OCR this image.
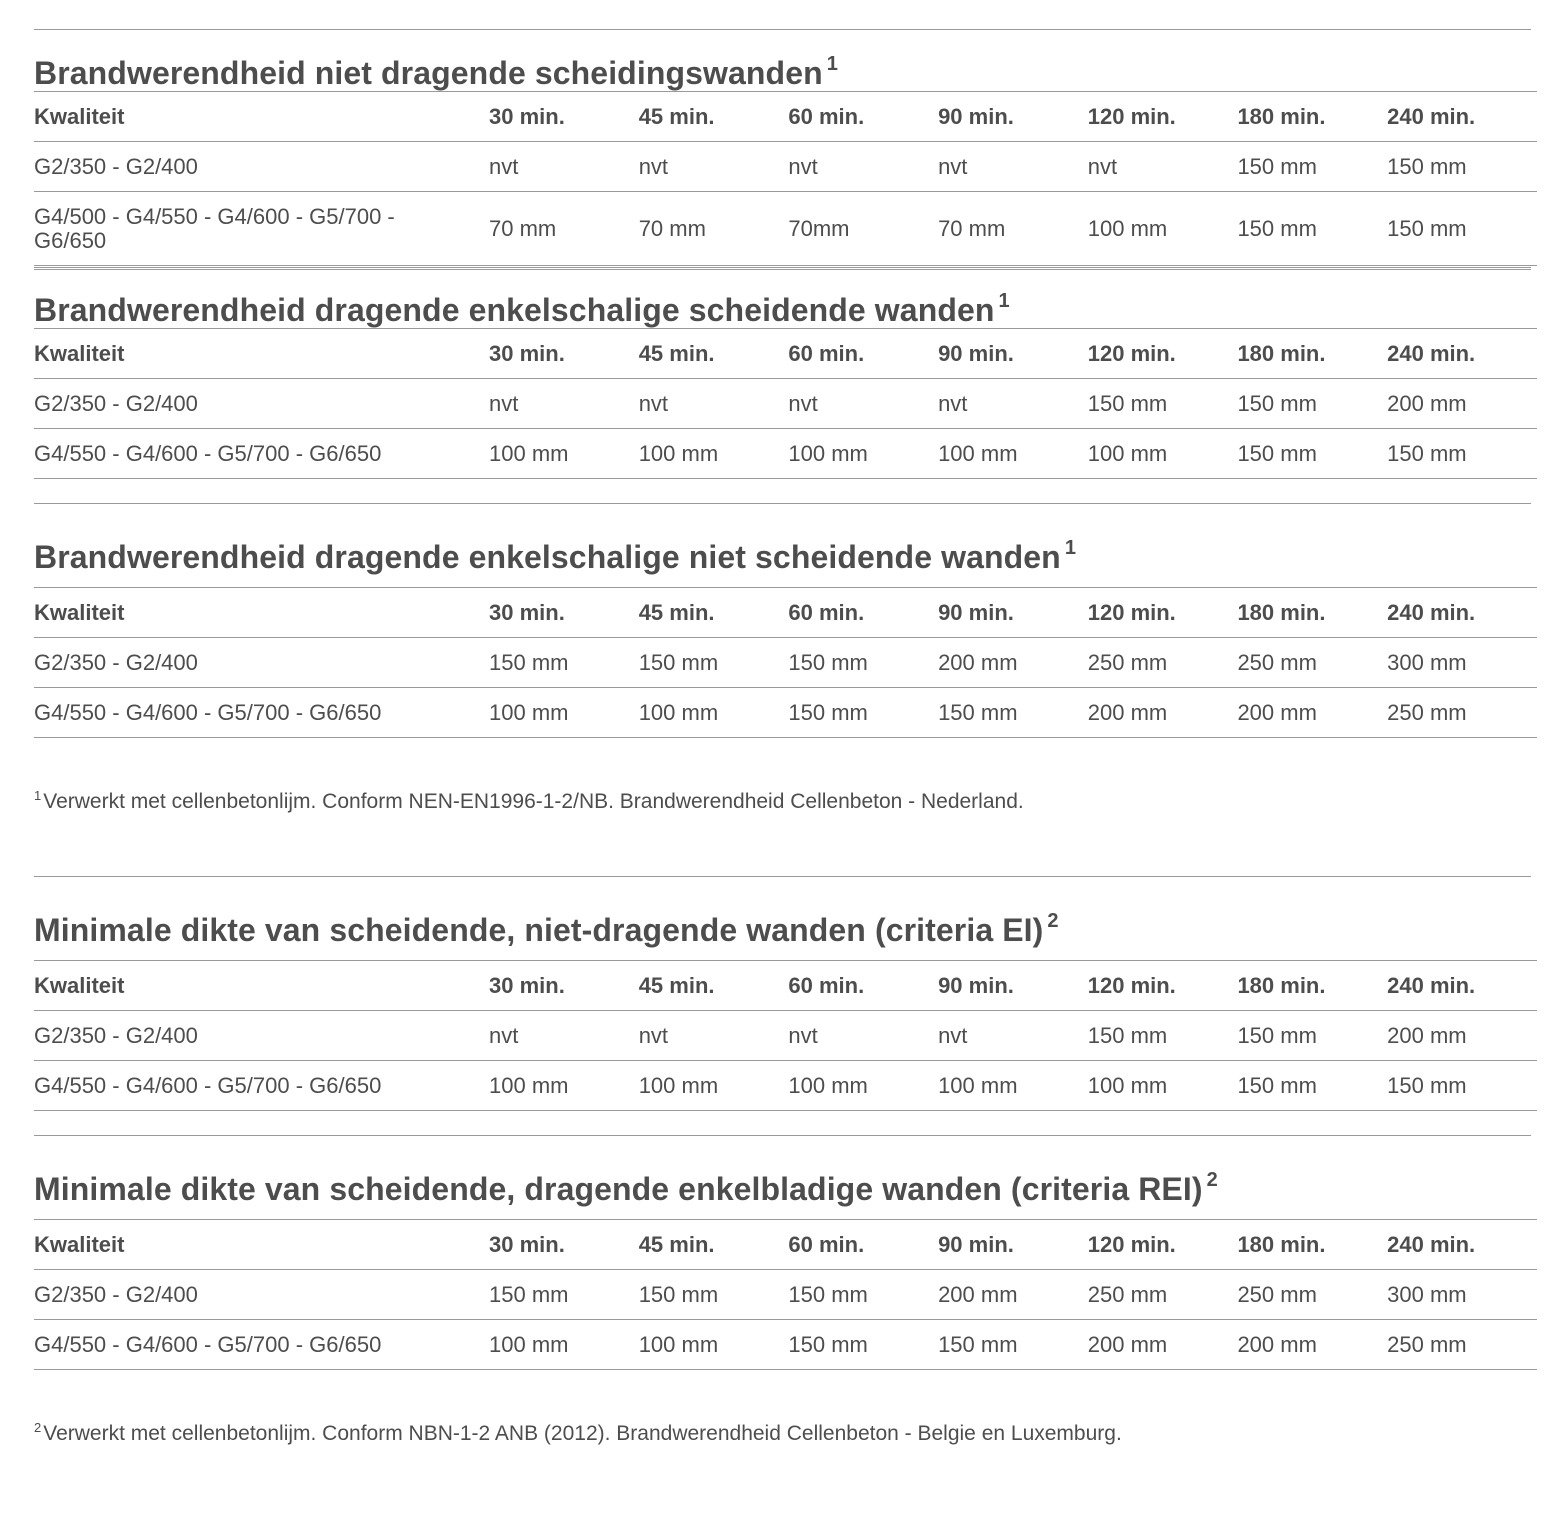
Brandwerendheid niet dragende scheidingswanden $^1$
Kwaliteit	30 min.	45 min.	60 min.	90 min.	120 min.	180 min.	240 min.
G2/350 - G2/400	nvt	nvt	nvt	nvt	nvt	150 mm	150 mm
G4/500 - G4/550 - G4/600 - G5/700 - G6/650	70 mm	70 mm	70mm	70 mm	100 mm	150 mm	150 mm
Brandwerendheid dragende enkelschalige scheidende wanden $^1$
Kwaliteit	30 min.	45 min.	60 min.	90 min.	120 min.	180 min.	240 min.
G2/350 - G2/400	nvt	nvt	nvt	nvt	150 mm	150 mm	200 mm
G4/550 - G4/600 - G5/700 - G6/650	100 mm	100 mm	100 mm	100 mm	100 mm	150 mm	150 mm
Brandwerendheid dragende enkelschalige niet scheidende wanden $^1$
Kwaliteit	30 min.	45 min.	60 min.	90 min.	120 min.	180 min.	240 min.
G2/350 - G2/400	150 mm	150 mm	150 mm	200 mm	250 mm	250 mm	300 mm
G4/550 - G4/600 - G5/700 - G6/650	100 mm	100 mm	150 mm	150 mm	200 mm	200 mm	250 mm
$^1$Verwerkt met cellenbetonlijm. Conform NEN-EN1996-1-2/NB. Brandwerendheid Cellenbeton - Nederland.
Minimale dikte van scheidende, niet-dragende wanden (criteria EI) $^2$
Kwaliteit	30 min.	45 min.	60 min.	90 min.	120 min.	180 min.	240 min.
G2/350 - G2/400	nvt	nvt	nvt	nvt	150 mm	150 mm	200 mm
G4/550 - G4/600 - G5/700 - G6/650	100 mm	100 mm	100 mm	100 mm	100 mm	150 mm	150 mm
Minimale dikte van scheidende, dragende enkelbladige wanden (criteria REI) $^2$
Kwaliteit	30 min.	45 min.	60 min.	90 min.	120 min.	180 min.	240 min.
G2/350 - G2/400	150 mm	150 mm	150 mm	200 mm	250 mm	250 mm	300 mm
G4/550 - G4/600 - G5/700 - G6/650	100 mm	100 mm	150 mm	150 mm	200 mm	200 mm	250 mm
$^2$Verwerkt met cellenbetonlijm. Conform NBN-1-2 ANB (2012). Brandwerendheid Cellenbeton - Belgie en Luxemburg.
